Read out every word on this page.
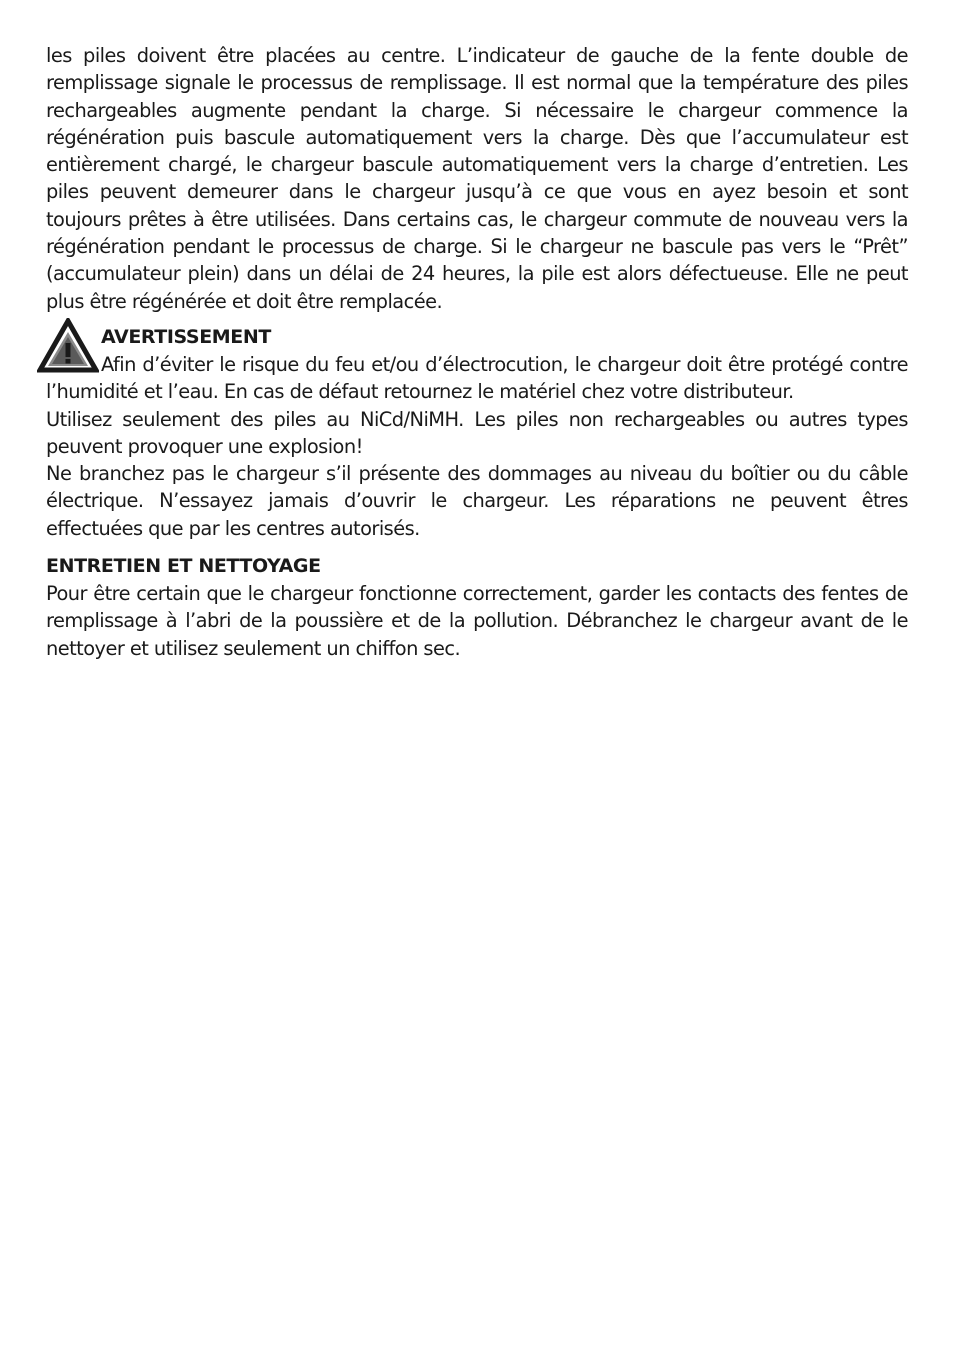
les piles doivent être placées au centre. L’indicateur de gauche de la fente double de remplissage signale le processus de remplissage. Il est normal que la température des piles rechargeables augmente pendant la charge. Si nécessaire le chargeur commence la régénération puis bascule automatiquement vers la charge. Dès que l’accumulateur est entièrement chargé, le chargeur bascule automatiquement vers la charge d’entretien. Les piles peuvent demeurer dans le chargeur jusqu’à ce que vous en ayez besoin et sont toujours prêtes à être utilisées. Dans certains cas, le chargeur commute de nouveau vers la régénération pendant le processus de charge. Si le chargeur ne bascule pas vers le “Prêt” (accumulateur plein) dans un délai de 24 heures, la pile est alors défectueuse. Elle ne peut plus être régénérée et doit être remplacée.

AVERTISSEMENT

Afin d’éviter le risque du feu et/ou d’électrocution, le chargeur doit être protégé contre l’humidité et l’eau. En cas de défaut retournez le matériel chez votre distributeur.

Utilisez seulement des piles au NiCd/NiMH. Les piles non rechargeables ou autres types peuvent provoquer une explosion!

Ne branchez pas le chargeur s’il présente des dommages au niveau du boîtier ou du câble électrique. N’essayez jamais d’ouvrir le chargeur. Les réparations ne peuvent êtres effectuées que par les centres autorisés.

ENTRETIEN ET NETTOYAGE

Pour être certain que le chargeur fonctionne correctement, garder les contacts des fentes de remplissage à l’abri de la poussière et de la pollution. Débranchez le chargeur avant de le nettoyer et utilisez seulement un chiffon sec.
